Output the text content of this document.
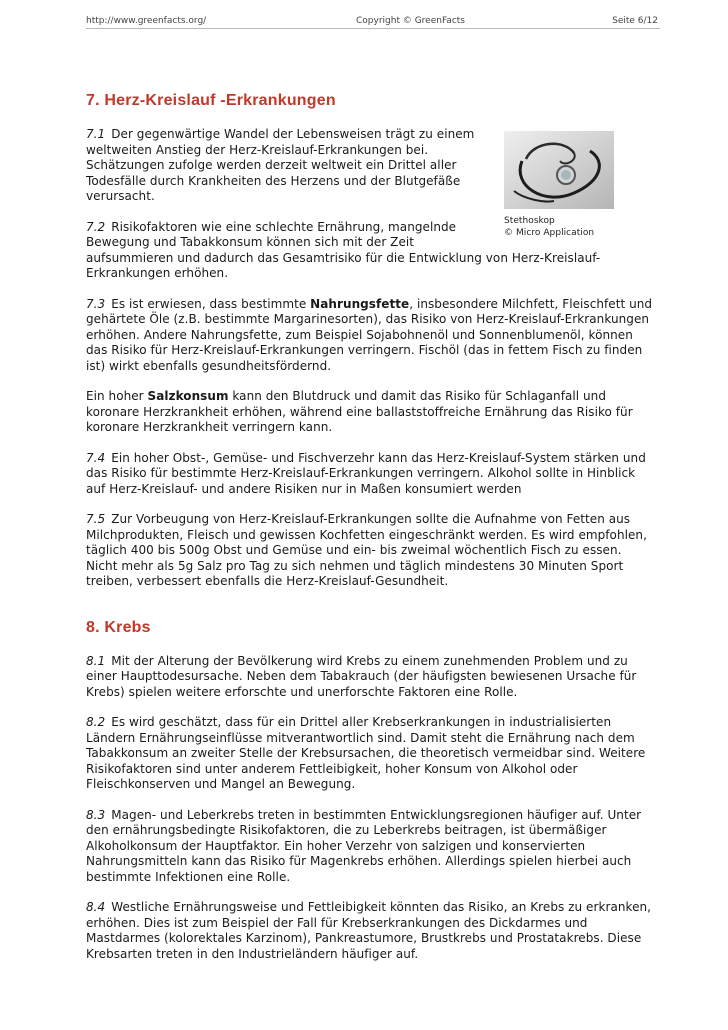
http://www.greenfacts.org/	Copyright © GreenFacts	Seite 6/12
7. Herz-Kreislauf -Erkrankungen
Stethoskop
© Micro Application

7.1 Der gegenwärtige Wandel der Lebensweisen trägt zu einem weltweiten Anstieg der Herz-Kreislauf-Erkrankungen bei. Schätzungen zufolge werden derzeit weltweit ein Drittel aller Todesfälle durch Krankheiten des Herzens und der Blutgefäße verursacht.

7.2 Risikofaktoren wie eine schlechte Ernährung, mangelnde Bewegung und Tabakkonsum können sich mit der Zeit aufsummieren und dadurch das Gesamtrisiko für die Entwicklung von Herz-Kreislauf-Erkrankungen erhöhen.

7.3 Es ist erwiesen, dass bestimmte Nahrungsfette, insbesondere Milchfett, Fleischfett und gehärtete Öle (z.B. bestimmte Margarinesorten), das Risiko von Herz-Kreislauf-Erkrankungen erhöhen. Andere Nahrungsfette, zum Beispiel Sojabohnenöl und Sonnenblumenöl, können das Risiko für Herz-Kreislauf-Erkrankungen verringern. Fischöl (das in fettem Fisch zu finden ist) wirkt ebenfalls gesundheitsfördernd.

Ein hoher Salzkonsum kann den Blutdruck und damit das Risiko für Schlaganfall und koronare Herzkrankheit erhöhen, während eine ballaststoffreiche Ernährung das Risiko für koronare Herzkrankheit verringern kann.

7.4 Ein hoher Obst-, Gemüse- und Fischverzehr kann das Herz-Kreislauf-System stärken und das Risiko für bestimmte Herz-Kreislauf-Erkrankungen verringern. Alkohol sollte in Hinblick auf Herz-Kreislauf- und andere Risiken nur in Maßen konsumiert werden

7.5 Zur Vorbeugung von Herz-Kreislauf-Erkrankungen sollte die Aufnahme von Fetten aus Milchprodukten, Fleisch und gewissen Kochfetten eingeschränkt werden. Es wird empfohlen, täglich 400 bis 500g Obst und Gemüse und ein- bis zweimal wöchentlich Fisch zu essen. Nicht mehr als 5g Salz pro Tag zu sich nehmen und täglich mindestens 30 Minuten Sport treiben, verbessert ebenfalls die Herz-Kreislauf-Gesundheit.

8. Krebs

8.1 Mit der Alterung der Bevölkerung wird Krebs zu einem zunehmenden Problem und zu einer Haupttodesursache. Neben dem Tabakrauch (der häufigsten bewiesenen Ursache für Krebs) spielen weitere erforschte und unerforschte Faktoren eine Rolle.

8.2 Es wird geschätzt, dass für ein Drittel aller Krebserkrankungen in industrialisierten Ländern Ernährungseinflüsse mitverantwortlich sind. Damit steht die Ernährung nach dem Tabakkonsum an zweiter Stelle der Krebsursachen, die theoretisch vermeidbar sind. Weitere Risikofaktoren sind unter anderem Fettleibigkeit, hoher Konsum von Alkohol oder Fleischkonserven und Mangel an Bewegung.

8.3 Magen- und Leberkrebs treten in bestimmten Entwicklungsregionen häufiger auf. Unter den ernährungsbedingte Risikofaktoren, die zu Leberkrebs beitragen, ist übermäßiger Alkoholkonsum der Hauptfaktor. Ein hoher Verzehr von salzigen und konservierten Nahrungsmitteln kann das Risiko für Magenkrebs erhöhen. Allerdings spielen hierbei auch bestimmte Infektionen eine Rolle.

8.4 Westliche Ernährungsweise und Fettleibigkeit könnten das Risiko, an Krebs zu erkranken, erhöhen. Dies ist zum Beispiel der Fall für Krebserkrankungen des Dickdarmes und Mastdarmes (kolorektales Karzinom), Pankreastumore, Brustkrebs und Prostatakrebs. Diese Krebsarten treten in den Industrieländern häufiger auf.
